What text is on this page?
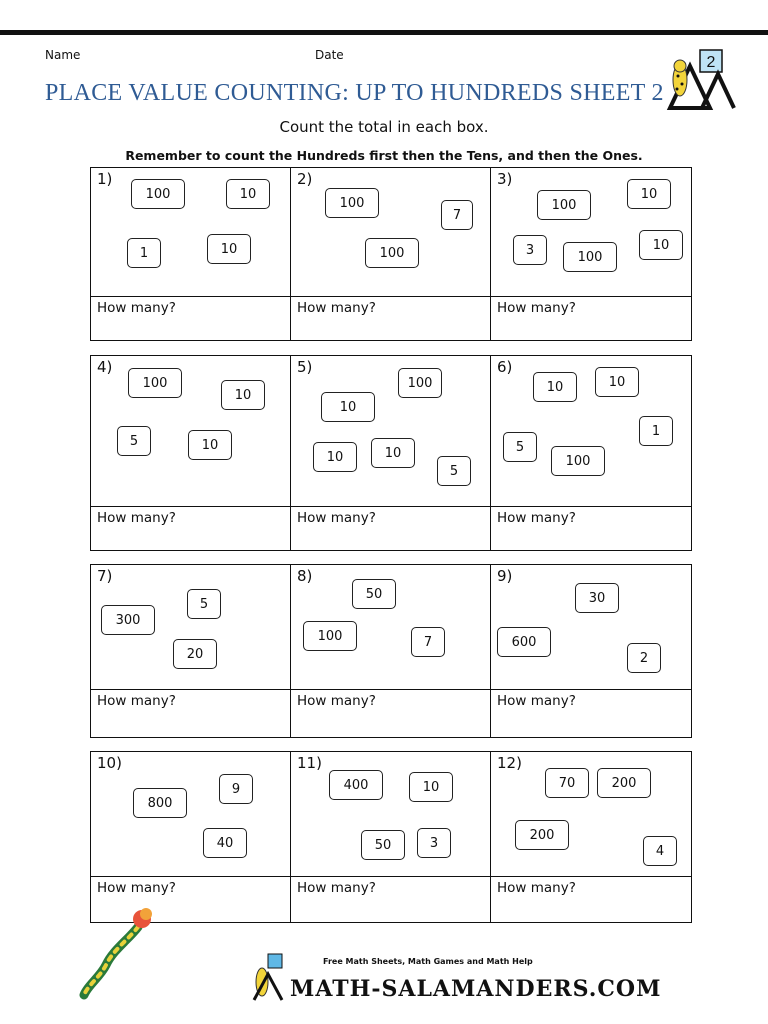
Name	Date
PLACE VALUE COUNTING: UP TO HUNDREDS SHEET 2
2
Count the total in each box.
Remember to count the Hundreds first then the Tens, and then the Ones.
1)
100	10
1	10
How many?
2)
100
7
100
How many?
3)
100
10
3	100
10
How many?
4)
100
10
5	10
How many?
5)
10
100
10	10
5
How many?
6)
10	10
1
5
100
How many?
7)
5
300
20
How many?
8)
50
100	7
How many?
9)
30
600
2
How many?
10)
9
800
40
How many?
11)
400	10
50	3
How many?
12)
70	200
200
4
How many?
Free Math Sheets, Math Games and Math Help
MATH-SALAMANDERS.COM
